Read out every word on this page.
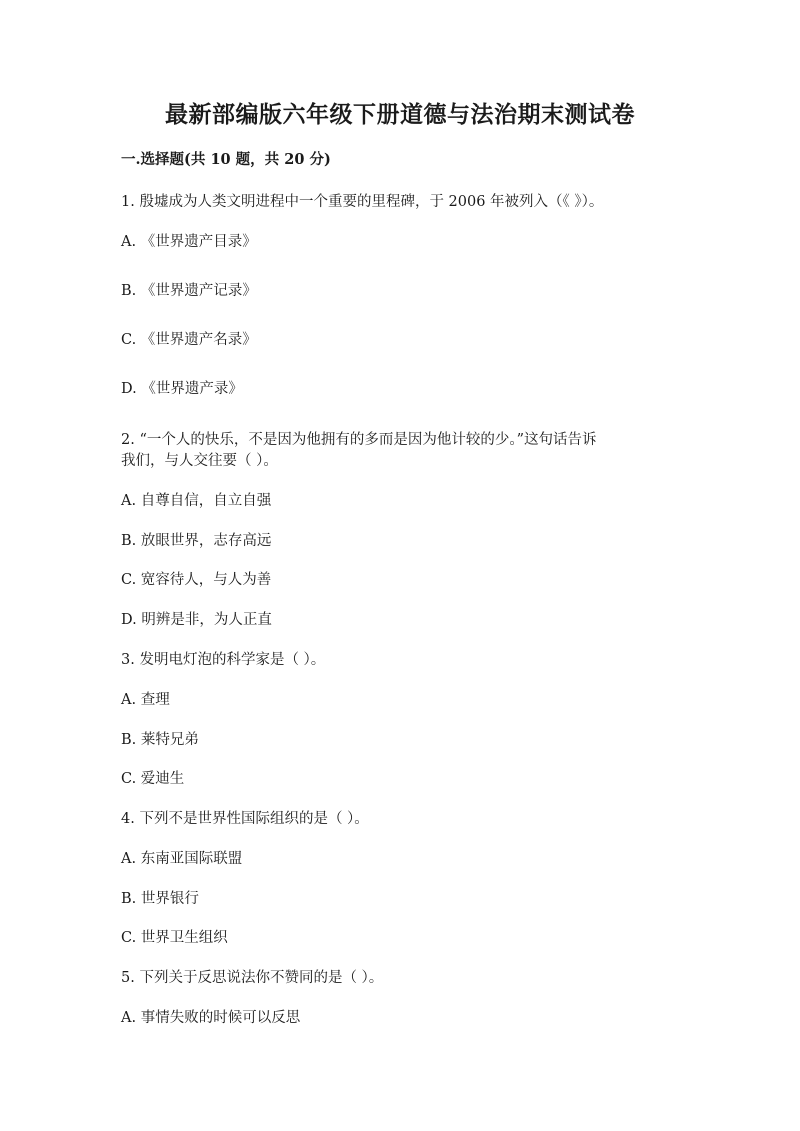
最新部编版六年级下册道德与法治期末测试卷
一.选择题(共 10 题，共 20 分)
1. 殷墟成为人类文明进程中一个重要的里程碑，于 2006 年被列入（《 》）。
A. 《世界遗产目录》
B. 《世界遗产记录》
C. 《世界遗产名录》
D. 《世界遗产录》
2. “一个人的快乐，不是因为他拥有的多而是因为他计较的少。”这句话告诉
我们，与人交往要（ ）。
A. 自尊自信，自立自强
B. 放眼世界，志存高远
C. 宽容待人，与人为善
D. 明辨是非，为人正直
3. 发明电灯泡的科学家是（ ）。
A. 查理
B. 莱特兄弟
C. 爱迪生
4. 下列不是世界性国际组织的是（ ）。
A. 东南亚国际联盟
B. 世界银行
C. 世界卫生组织
5. 下列关于反思说法你不赞同的是（ ）。
A. 事情失败的时候可以反思
